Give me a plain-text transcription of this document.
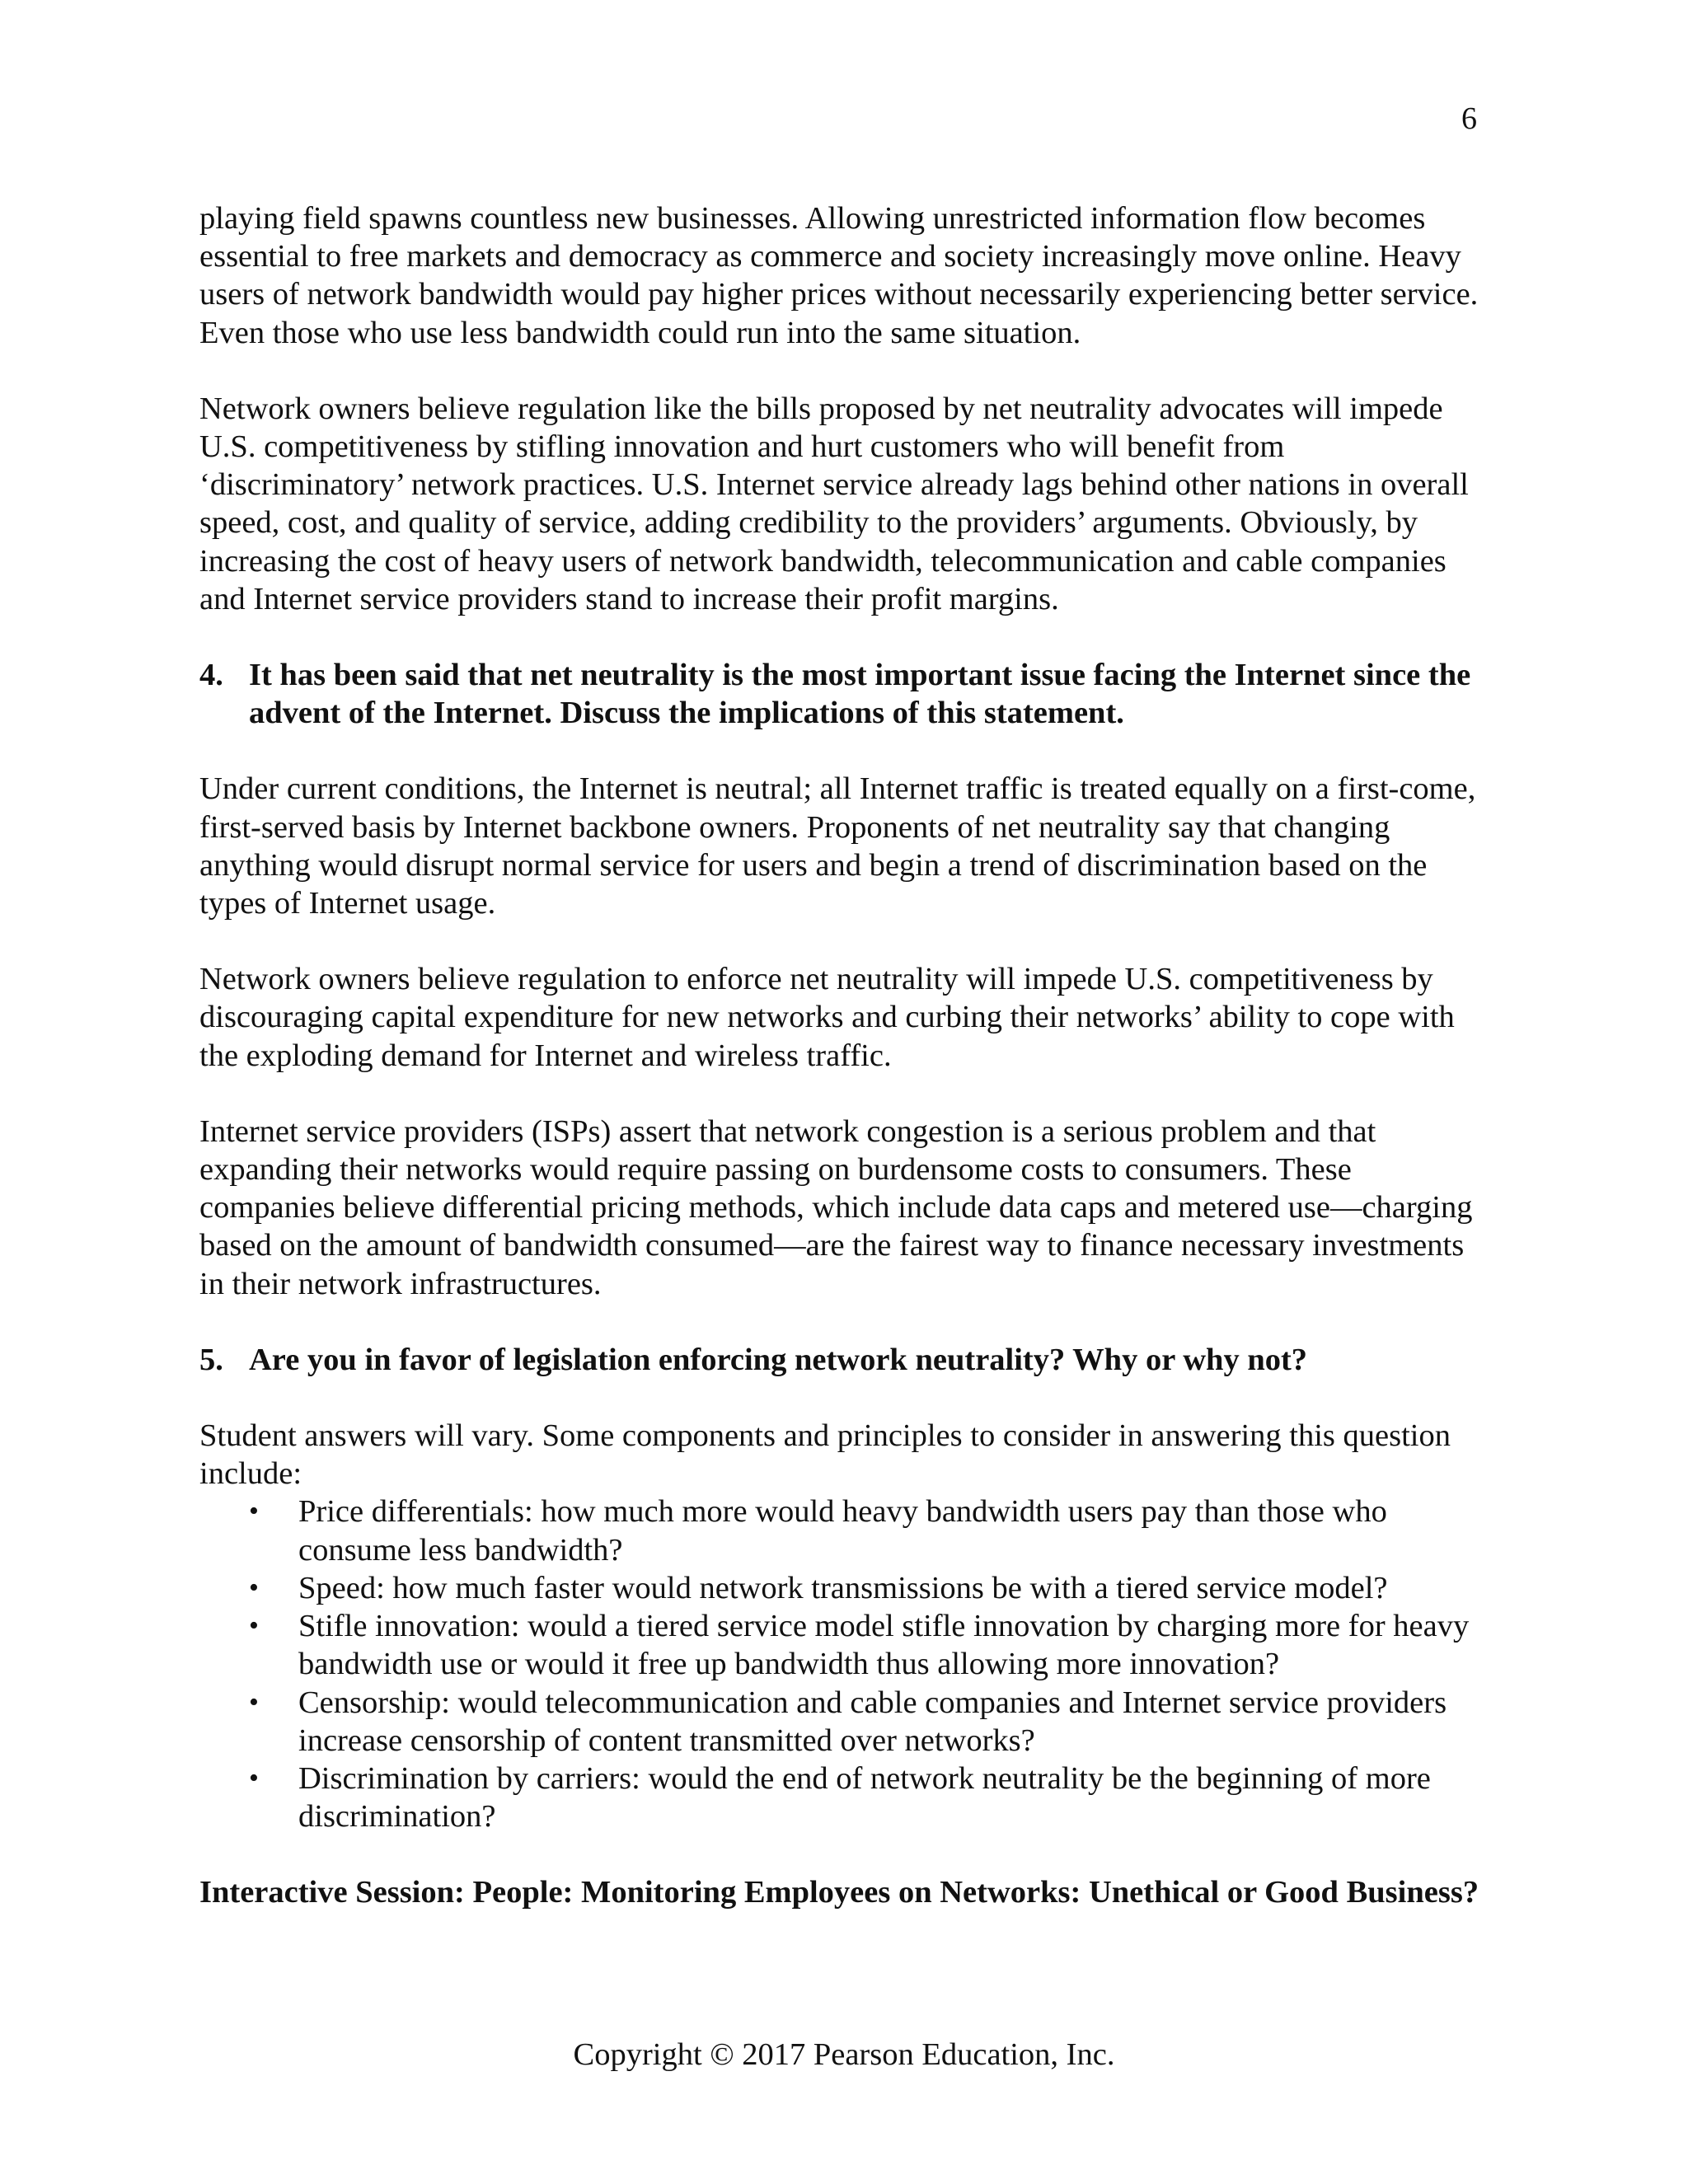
6

playing field spawns countless new businesses. Allowing unrestricted information flow becomes essential to free markets and democracy as commerce and society increasingly move online. Heavy users of network bandwidth would pay higher prices without necessarily experiencing better service. Even those who use less bandwidth could run into the same situation.

Network owners believe regulation like the bills proposed by net neutrality advocates will impede U.S. competitiveness by stifling innovation and hurt customers who will benefit from ‘discriminatory’ network practices. U.S. Internet service already lags behind other nations in overall speed, cost, and quality of service, adding credibility to the providers’ arguments. Obviously, by increasing the cost of heavy users of network bandwidth, telecommunication and cable companies and Internet service providers stand to increase their profit margins.

4. It has been said that net neutrality is the most important issue facing the Internet since the advent of the Internet. Discuss the implications of this statement.

Under current conditions, the Internet is neutral; all Internet traffic is treated equally on a first-come, first-served basis by Internet backbone owners. Proponents of net neutrality say that changing anything would disrupt normal service for users and begin a trend of discrimination based on the types of Internet usage.

Network owners believe regulation to enforce net neutrality will impede U.S. competitiveness by discouraging capital expenditure for new networks and curbing their networks’ ability to cope with the exploding demand for Internet and wireless traffic.

Internet service providers (ISPs) assert that network congestion is a serious problem and that expanding their networks would require passing on burdensome costs to consumers. These companies believe differential pricing methods, which include data caps and metered use—charging based on the amount of bandwidth consumed—are the fairest way to finance necessary investments in their network infrastructures.

5. Are you in favor of legislation enforcing network neutrality? Why or why not?

Student answers will vary. Some components and principles to consider in answering this question include:

•	Price differentials: how much more would heavy bandwidth users pay than those who consume less bandwidth?
•	Speed: how much faster would network transmissions be with a tiered service model?
•	Stifle innovation: would a tiered service model stifle innovation by charging more for heavy bandwidth use or would it free up bandwidth thus allowing more innovation?
•	Censorship: would telecommunication and cable companies and Internet service providers increase censorship of content transmitted over networks?
•	Discrimination by carriers: would the end of network neutrality be the beginning of more discrimination?

Interactive Session: People: Monitoring Employees on Networks: Unethical or Good Business?

Copyright © 2017 Pearson Education, Inc.
